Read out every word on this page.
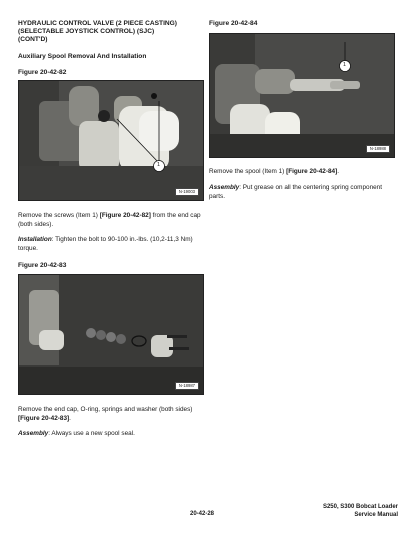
HYDRAULIC CONTROL VALVE (2 PIECE CASTING)
(SELECTABLE JOYSTICK CONTROL) (SJC)
(CONT'D)
Auxiliary Spool Removal And Installation
Figure 20-42-82
1
N-19003
Remove the screws (Item 1) [Figure 20-42-82] from the end cap (both sides).
Installation: Tighten the bolt to 90-100 in.-lbs. (10,2-11,3 Nm) torque.
Figure 20-42-83
N-18987
Remove the end cap, O-ring, springs and washer (both sides) [Figure 20-42-83].
Assembly: Always use a new spool seal.
Figure 20-42-84
1
N-18988
Remove the spool (Item 1) [Figure 20-42-84].
Assembly: Put grease on all the centering spring component parts.
20-42-28
S250, S300 Bobcat Loader
Service Manual
